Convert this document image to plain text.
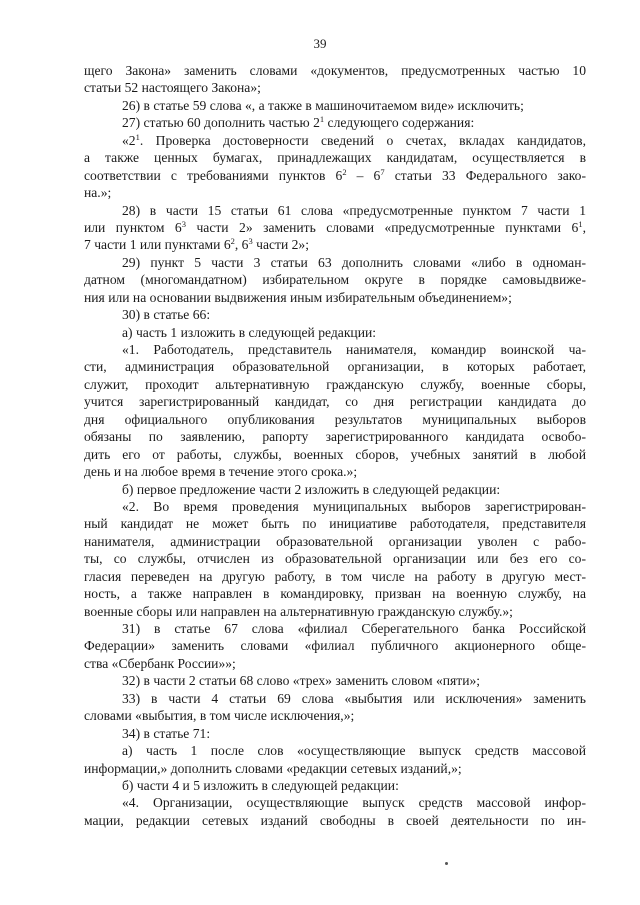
39
щего Закона» заменить словами «документов, предусмотренных частью 10
статьи 52 настоящего Закона»;
26) в статье 59 слова «, а также в машиночитаемом виде» исключить;
27) статью 60 дополнить частью $2^1$ следующего содержания:
«$2^1$. Проверка достоверности сведений о счетах, вкладах кандидатов,
а также ценных бумагах, принадлежащих кандидатам, осуществляется в
соответствии с требованиями пунктов $6^2 - 6^7$ статьи 33 Федерального зако-
на.»;
28) в части 15 статьи 61 слова «предусмотренные пунктом 7 части 1
или пунктом $6^3$ части 2» заменить словами «предусмотренные пунктами $6^1$,
7 части 1 или пунктами $6^2$, $6^3$ части 2»;
29) пункт 5 части 3 статьи 63 дополнить словами «либо в одноман-
датном (многомандатном) избирательном округе в порядке самовыдвиже-
ния или на основании выдвижения иным избирательным объединением»;
30) в статье 66:
а) часть 1 изложить в следующей редакции:
«1. Работодатель, представитель нанимателя, командир воинской ча-
сти, администрация образовательной организации, в которых работает,
служит, проходит альтернативную гражданскую службу, военные сборы,
учится зарегистрированный кандидат, со дня регистрации кандидата до
дня официального опубликования результатов муниципальных выборов
обязаны по заявлению, рапорту зарегистрированного кандидата освобо-
дить его от работы, службы, военных сборов, учебных занятий в любой
день и на любое время в течение этого срока.»;
б) первое предложение части 2 изложить в следующей редакции:
«2. Во время проведения муниципальных выборов зарегистрирован-
ный кандидат не может быть по инициативе работодателя, представителя
нанимателя, администрации образовательной организации уволен с рабо-
ты, со службы, отчислен из образовательной организации или без его со-
гласия переведен на другую работу, в том числе на работу в другую мест-
ность, а также направлен в командировку, призван на военную службу, на
военные сборы или направлен на альтернативную гражданскую службу.»;
31) в статье 67 слова «филиал Сберегательного банка Российской
Федерации» заменить словами «филиал публичного акционерного обще-
ства «Сбербанк России»»;
32) в части 2 статьи 68 слово «трех» заменить словом «пяти»;
33) в части 4 статьи 69 слова «выбытия или исключения» заменить
словами «выбытия, в том числе исключения,»;
34) в статье 71:
а) часть 1 после слов «осуществляющие выпуск средств массовой
информации,» дополнить словами «редакции сетевых изданий,»;
б) части 4 и 5 изложить в следующей редакции:
«4. Организации, осуществляющие выпуск средств массовой инфор-
мации, редакции сетевых изданий свободны в своей деятельности по ин-
